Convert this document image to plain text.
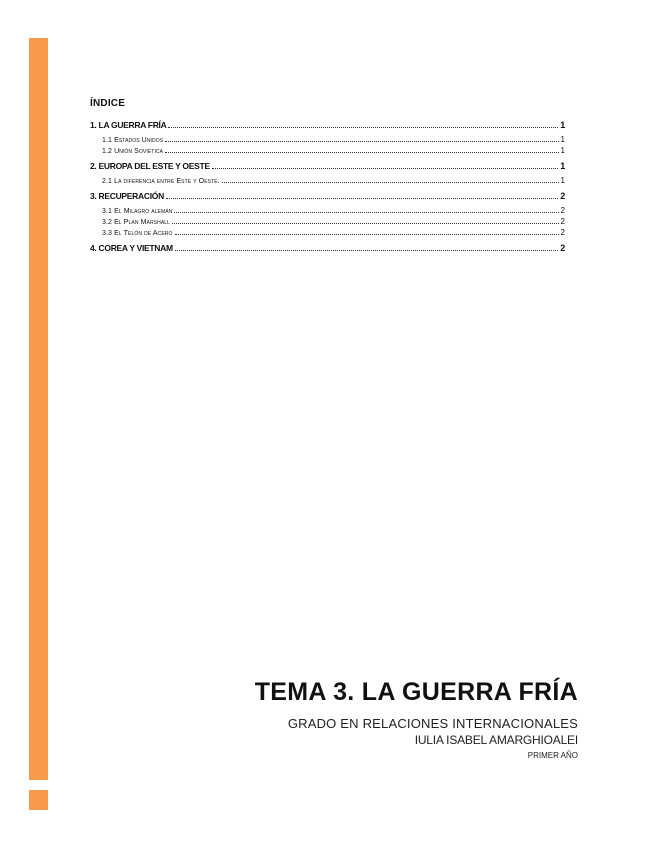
ÍNDICE
1. LA GUERRA FRÍA	1
1.1 Estados Unidos	1
1.2 Unión Soviética	1
2. EUROPA DEL ESTE Y OESTE	1
2.1 La diferencia entre Este y Oeste.	1
3. RECUPERACIÓN	2
3.1 El Milagro alemán	2
3.2 El Plan Marshall	2
3.3 El Telón de Acero	2
4. COREA Y VIETNAM	2
TEMA 3. LA GUERRA FRÍA
GRADO EN RELACIONES INTERNACIONALES
IULIA ISABEL AMARGHIOALEI
PRIMER AÑO
